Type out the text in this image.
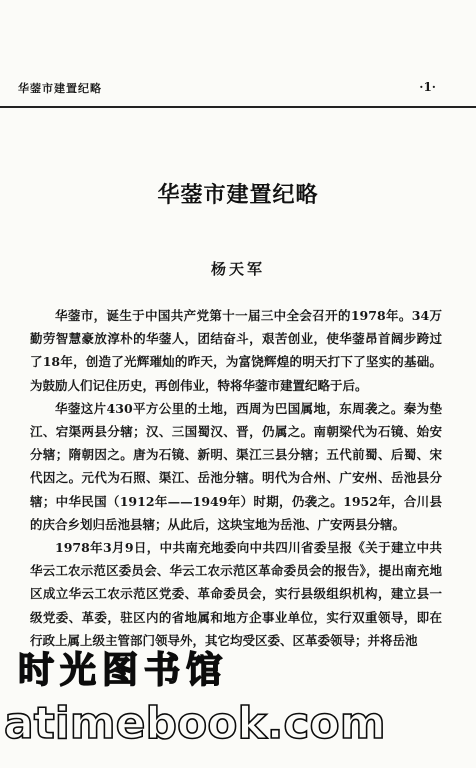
华蓥市建置纪略	·1·
华蓥市建置纪略
杨天军

华蓥市，诞生于中国共产党第十一届三中全会召开的1978年。34万勤劳智慧豪放淳朴的华蓥人，团结奋斗，艰苦创业，使华蓥昂首阔步跨过了18年，创造了光辉璀灿的昨天，为富饶辉煌的明天打下了坚实的基础。为鼓励人们记住历史，再创伟业，特将华蓥市建置纪略于后。

华蓥这片430平方公里的土地，西周为巴国属地，东周袭之。秦为垫江、宕渠两县分辖；汉、三国蜀汉、晋，仍属之。南朝梁代为石镜、始安分辖；隋朝因之。唐为石镜、新明、渠江三县分辖；五代前蜀、后蜀、宋代因之。元代为石照、渠江、岳池分辖。明代为合州、广安州、岳池县分辖；中华民国（1912年——1949年）时期，仍袭之。1952年，合川县的庆合乡划归岳池县辖；从此后，这块宝地为岳池、广安两县分辖。

1978年3月9日，中共南充地委向中共四川省委呈报《关于建立中共华云工农示范区委员会、华云工农示范区革命委员会的报告》，提出南充地区成立华云工农示范区党委、革命委员会，实行县级组织机构，建立县一级党委、革委，驻区内的省地属和地方企事业单位，实行双重领导，即在行政上属上级主管部门领导外，其它均受区委、区革委领导；并将岳池

时光图书馆
atimebook.com
